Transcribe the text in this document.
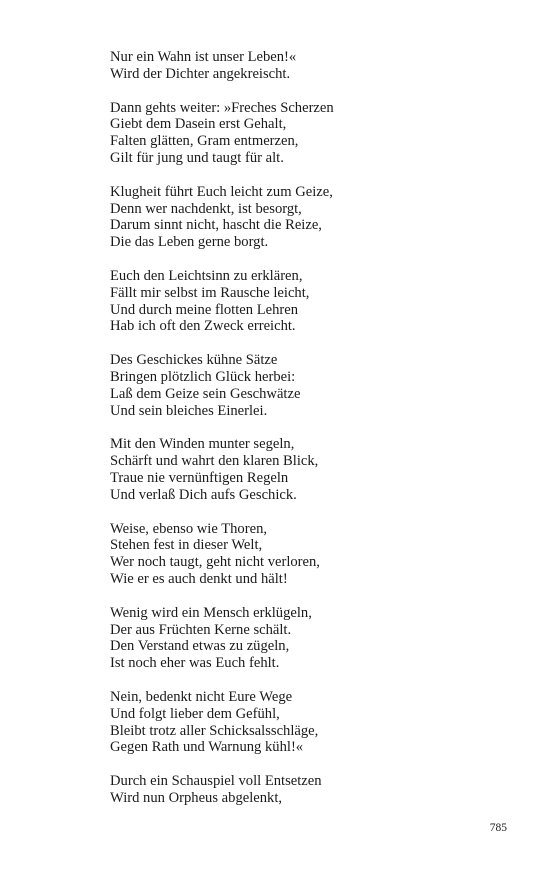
Nur ein Wahn ist unser Leben!«
Wird der Dichter angekreischt.
Dann gehts weiter: »Freches Scherzen
Giebt dem Dasein erst Gehalt,
Falten glätten, Gram entmerzen,
Gilt für jung und taugt für alt.
Klugheit führt Euch leicht zum Geize,
Denn wer nachdenkt, ist besorgt,
Darum sinnt nicht, hascht die Reize,
Die das Leben gerne borgt.
Euch den Leichtsinn zu erklären,
Fällt mir selbst im Rausche leicht,
Und durch meine flotten Lehren
Hab ich oft den Zweck erreicht.
Des Geschickes kühne Sätze
Bringen plötzlich Glück herbei:
Laß dem Geize sein Geschwätze
Und sein bleiches Einerlei.
Mit den Winden munter segeln,
Schärft und wahrt den klaren Blick,
Traue nie vernünftigen Regeln
Und verlaß Dich aufs Geschick.
Weise, ebenso wie Thoren,
Stehen fest in dieser Welt,
Wer noch taugt, geht nicht verloren,
Wie er es auch denkt und hält!
Wenig wird ein Mensch erklügeln,
Der aus Früchten Kerne schält.
Den Verstand etwas zu zügeln,
Ist noch eher was Euch fehlt.
Nein, bedenkt nicht Eure Wege
Und folgt lieber dem Gefühl,
Bleibt trotz aller Schicksalsschläge,
Gegen Rath und Warnung kühl!«
Durch ein Schauspiel voll Entsetzen
Wird nun Orpheus abgelenkt,
785
